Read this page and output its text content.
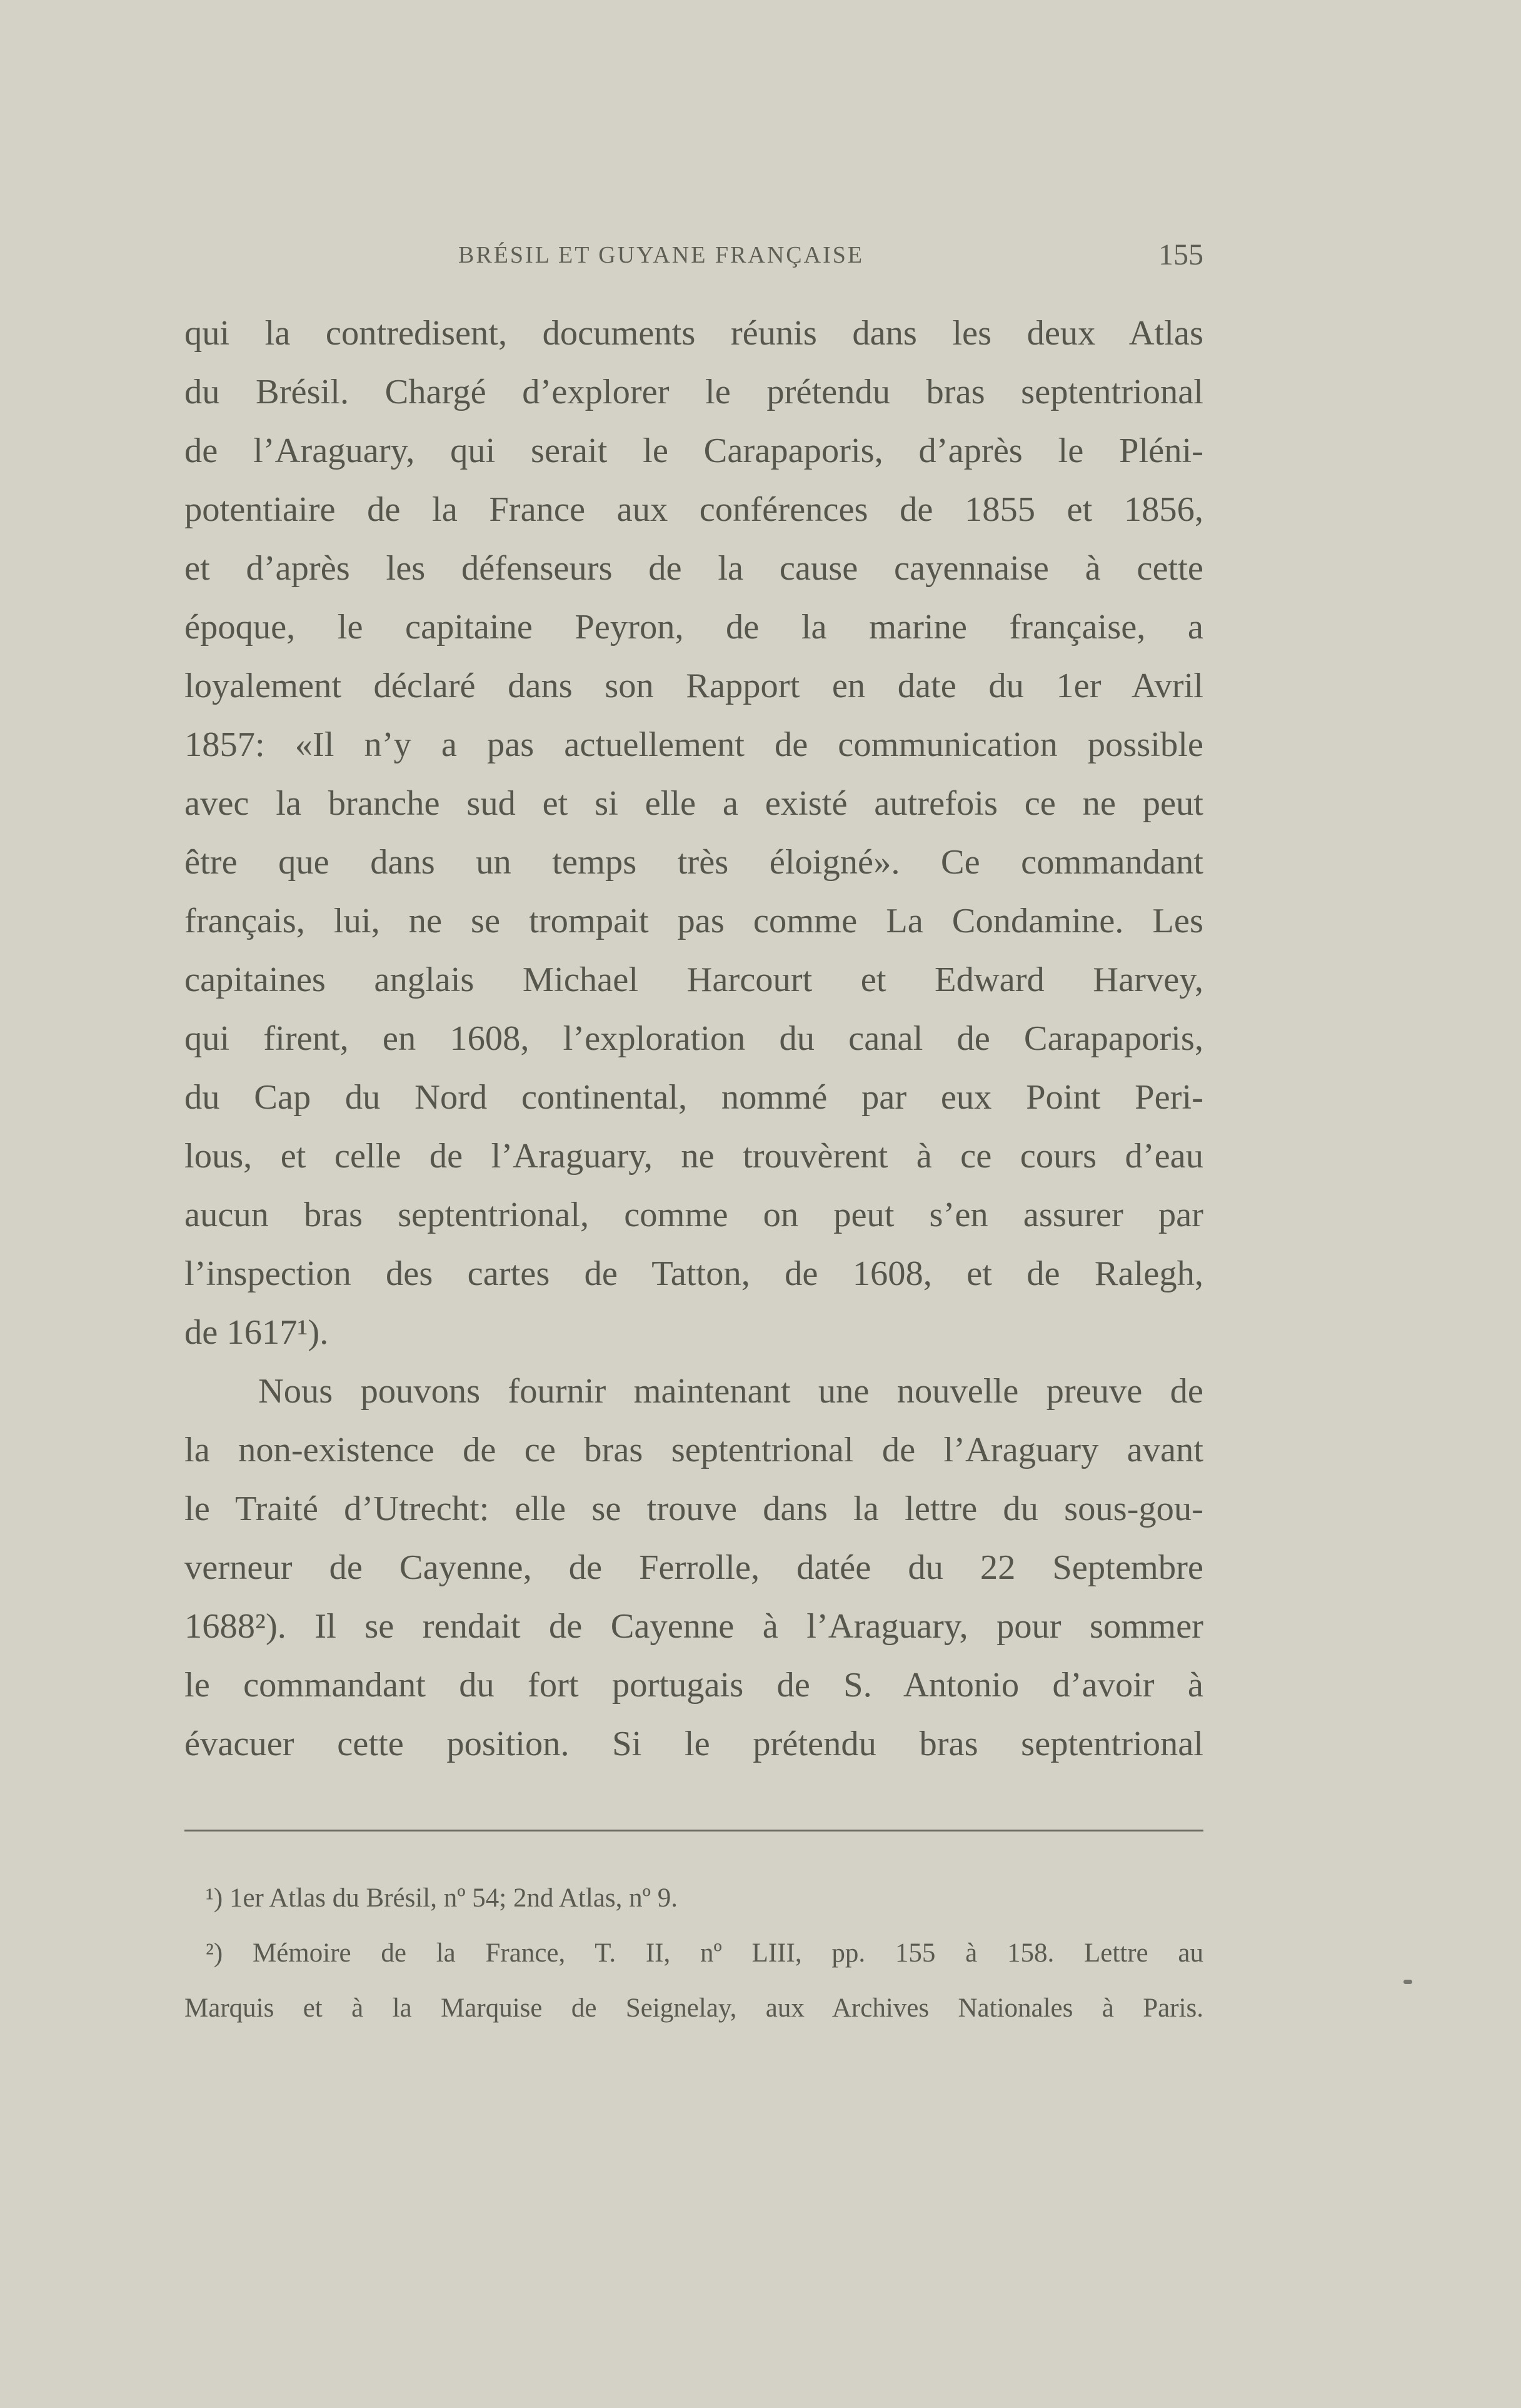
BRÉSIL ET GUYANE FRANÇAISE	155
qui la contredisent, documents réunis dans les deux Atlas
du Brésil. Chargé d’explorer le prétendu bras septentrional
de l’Araguary, qui serait le Carapaporis, d’après le Pléni-
potentiaire de la France aux conférences de 1855 et 1856,
et d’après les défenseurs de la cause cayennaise à cette
époque, le capitaine Peyron, de la marine française, a
loyalement déclaré dans son Rapport en date du 1er Avril
1857: «Il n’y a pas actuellement de communication possible
avec la branche sud et si elle a existé autrefois ce ne peut
être que dans un temps très éloigné». Ce commandant
français, lui, ne se trompait pas comme La Condamine. Les
capitaines anglais Michael Harcourt et Edward Harvey,
qui firent, en 1608, l’exploration du canal de Carapaporis,
du Cap du Nord continental, nommé par eux Point Peri-
lous, et celle de l’Araguary, ne trouvèrent à ce cours d’eau
aucun bras septentrional, comme on peut s’en assurer par
l’inspection des cartes de Tatton, de 1608, et de Ralegh,
de 1617¹).
Nous pouvons fournir maintenant une nouvelle preuve de
la non-existence de ce bras septentrional de l’Araguary avant
le Traité d’Utrecht: elle se trouve dans la lettre du sous-gou-
verneur de Cayenne, de Ferrolle, datée du 22 Septembre
1688²). Il se rendait de Cayenne à l’Araguary, pour sommer
le commandant du fort portugais de S. Antonio d’avoir à
évacuer cette position. Si le prétendu bras septentrional
¹) 1er Atlas du Brésil, nº 54; 2nd Atlas, nº 9.
²) Mémoire de la France, T. II, nº LIII, pp. 155 à 158. Lettre au
Marquis et à la Marquise de Seignelay, aux Archives Nationales à Paris.
